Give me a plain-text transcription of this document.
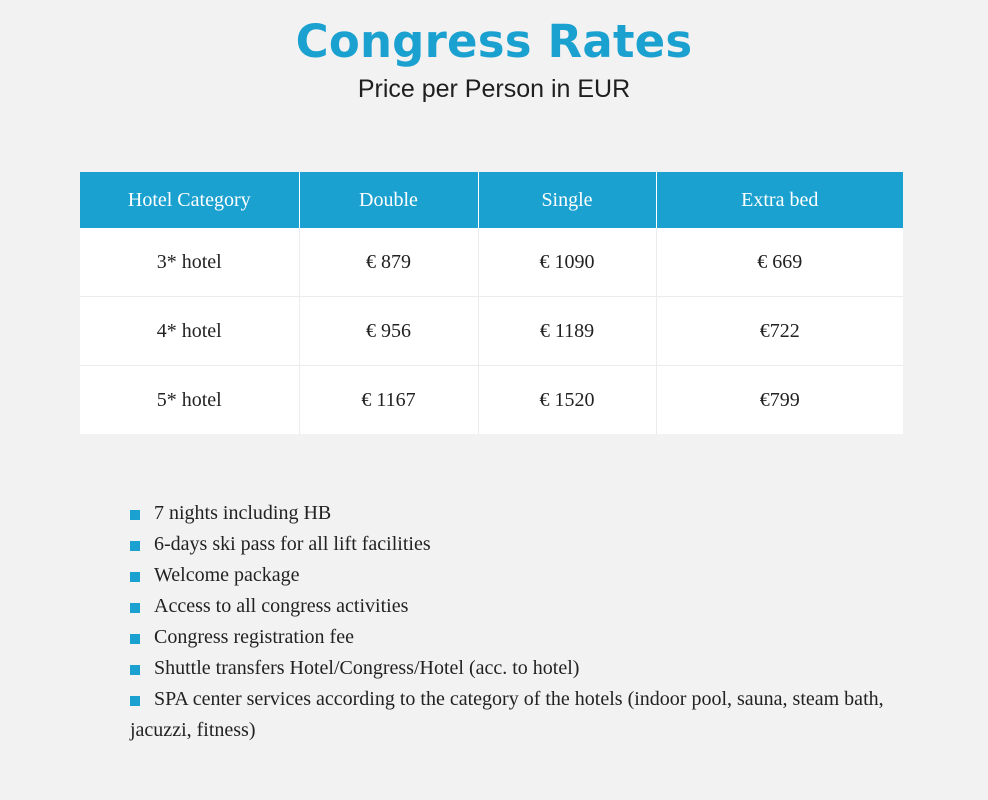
Congress Rates

Price per Person in EUR

Hotel Category	Double	Single	Extra bed
3* hotel	€ 879	€ 1090	€ 669
4* hotel	€ 956	€ 1189	€722
5* hotel	€ 1167	€ 1520	€799
7 nights including HB
6-days ski pass for all lift facilities
Welcome package
Access to all congress activities
Congress registration fee
Shuttle transfers Hotel/Congress/Hotel (acc. to hotel)
SPA center services according to the category of the hotels (indoor pool, sauna, steam bath, jacuzzi, fitness)
